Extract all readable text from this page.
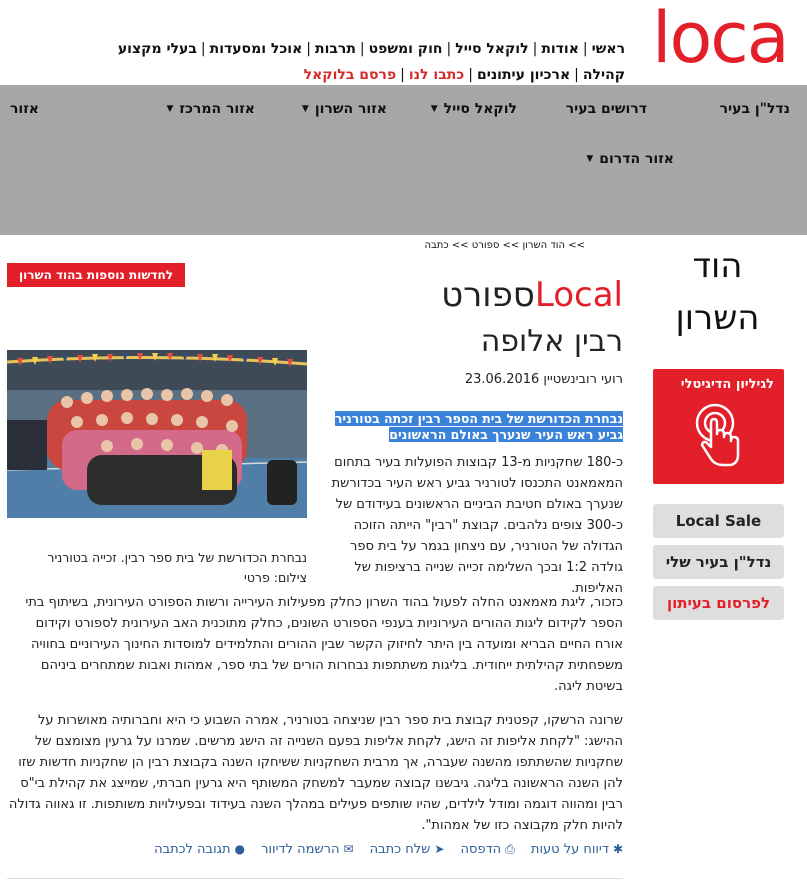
local
ראשי|אודות|לוקאל סייל|חוק ומשפט|תרבות|אוכל ומסעדות|בעלי מקצוע
קהילה|ארכיון עיתונים|כתבו לנו|פרסם בלוקאל
נדל"ן בעיר
דרושים בעיר
לוקאל סייל▼
אזור השרון▼
אזור המרכז▼
אזור
אזור הדרום▼
הוד השרון
לגיליון הדיגיטלי
Local Sale
נדל"ן בעיר שלי
לפרסום בעיתון
>> הוד השרון >> ספורט >> כתבה
לחדשות נוספות בהוד השרון >>	Localספורט
רבין אלופה
רועי רובינשטיין 23.06.2016
נבחרת הכדורשת של בית ספר רבין. זכייה בטורניר
צילום: פרטי
נבחרת הכדורשת של בית הספר רבין זכתה בטורניר גביע ראש העיר שנערך באולם הראשונים
כ-180 שחקניות מ-13 קבוצות הפועלות בעיר בתחום המאמאנט התכנסו לטורניר גביע ראש העיר בכדורשת שנערך באולם חטיבת הביניים הראשונים בעידודם של כ-300 צופים נלהבים. קבוצת "רבין" הייתה הזוכה הגדולה של הטורניר, עם ניצחון בגמר על בית ספר גולדה 1:2 ובכך השלימה זכייה שנייה ברציפות של האליפות.
כזכור, ליגת מאמאנט החלה לפעול בהוד השרון כחלק מפעילות העירייה ורשות הספורט העירונית, בשיתוף בתי הספר לקידום ליגות ההורים העירוניות בענפי הספורט השונים, כחלק מתוכנית האב העירונית לספורט וקידום אורח החיים הבריא ומועדה בין היתר לחיזוק הקשר שבין ההורים והתלמידים למוסדות החינוך העירוניים בחוויה משפחתית קהילתית ייחודית. בליגות משתתפות נבחרות הורים של בתי ספר, אמהות ואבות שמתחרים ביניהם בשיטת ליגה.
שרונה הרשקו, קפטנית קבוצת בית ספר רבין שניצחה בטורניר, אמרה השבוע כי היא וחברותיה מאושרות על ההישג: "לקחת אליפות זה הישג, לקחת אליפות בפעם השנייה זה הישג מרשים. שמרנו על גרעין מצומצם של שחקניות שהשתתפו מהשנה שעברה, אך מרבית השחקניות ששיחקו השנה בקבוצת רבין הן שחקניות חדשות שזו להן השנה הראשונה בליגה. גיבשנו קבוצה שמעבר למשחק המשותף היא גרעין חברתי, שמייצג את קהילת בי"ס רבין ומהווה דוגמה ומודל לילדים, שהיו שותפים פעילים במהלך השנה בעידוד ובפעילויות משותפות. זו גאווה גדולה להיות חלק מקבוצה כזו של אמהות".
✱דיווח על טעות ⎙הדפסה ➤שלח כתבה ✉הרשמה לדיוור ●תגובה לכתבה
